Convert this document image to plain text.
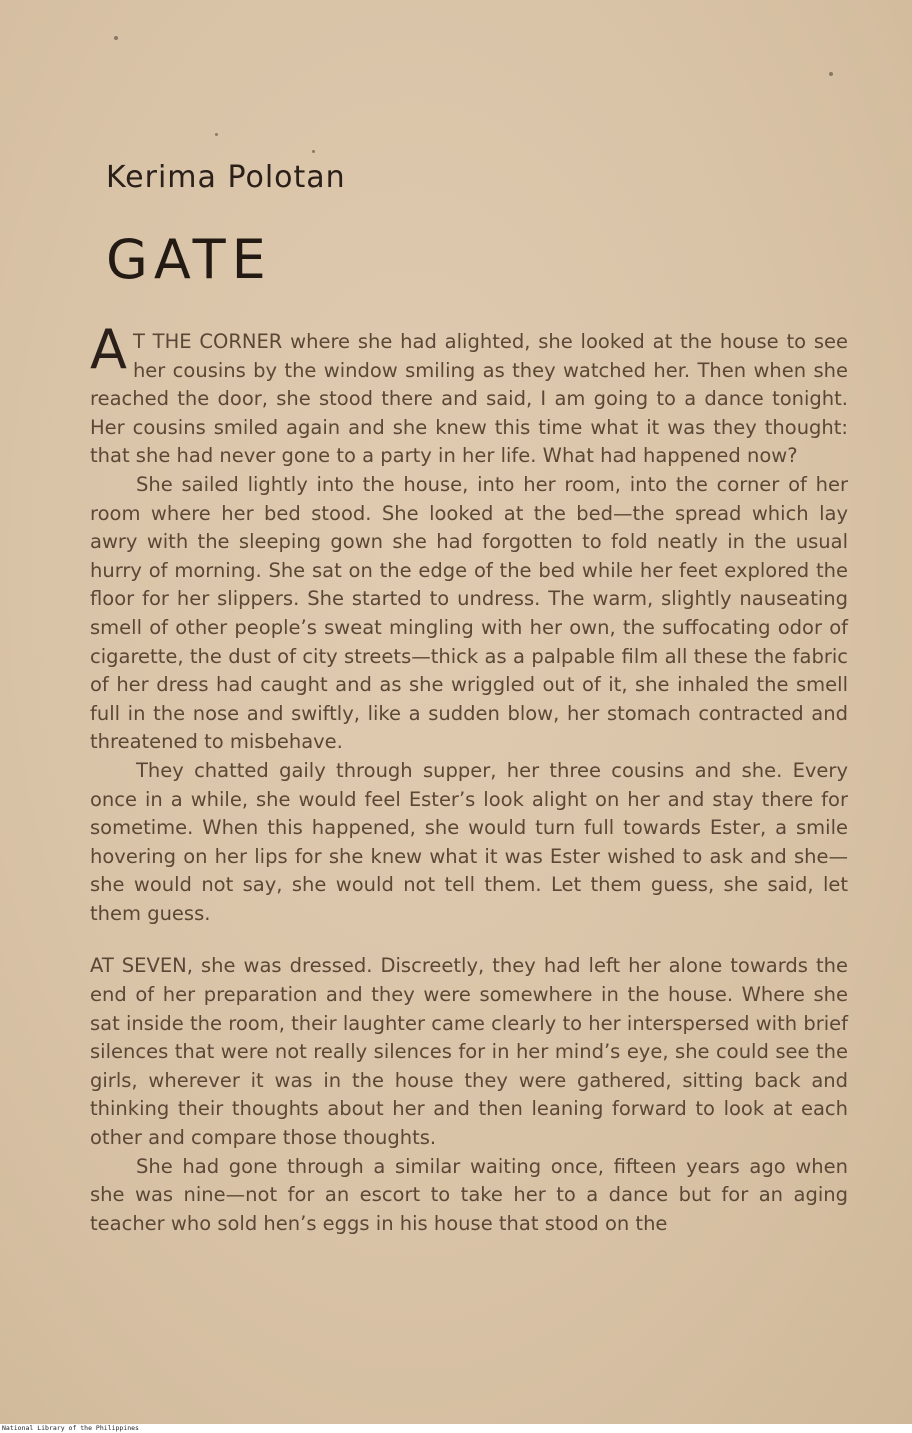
Kerima Polotan
GATE

A T THE CORNER where she had alighted, she looked at the house to see her cousins by the window smiling as they watched her. Then when she reached the door, she stood there and said, I am going to a dance tonight. Her cousins smiled again and she knew this time what it was they thought: that she had never gone to a party in her life. What had happened now?

She sailed lightly into the house, into her room, into the corner of her room where her bed stood. She looked at the bed—the spread which lay awry with the sleeping gown she had forgotten to fold neatly in the usual hurry of morning. She sat on the edge of the bed while her feet explored the floor for her slippers. She started to undress. The warm, slightly nauseating smell of other people’s sweat mingling with her own, the suffocating odor of cigarette, the dust of city streets—thick as a palpable film all these the fabric of her dress had caught and as she wriggled out of it, she inhaled the smell full in the nose and swiftly, like a sudden blow, her stomach contracted and threatened to misbehave.

They chatted gaily through supper, her three cousins and she. Every once in a while, she would feel Ester’s look alight on her and stay there for sometime. When this happened, she would turn full towards Ester, a smile hovering on her lips for she knew what it was Ester wished to ask and she—she would not say, she would not tell them. Let them guess, she said, let them guess.

AT SEVEN, she was dressed. Discreetly, they had left her alone towards the end of her preparation and they were somewhere in the house. Where she sat inside the room, their laughter came clearly to her interspersed with brief silences that were not really silences for in her mind’s eye, she could see the girls, wherever it was in the house they were gathered, sitting back and thinking their thoughts about her and then leaning forward to look at each other and compare those thoughts.

She had gone through a similar waiting once, fifteen years ago when she was nine—not for an escort to take her to a dance but for an aging teacher who sold hen’s eggs in his house that stood on the

National Library of the Philippines
